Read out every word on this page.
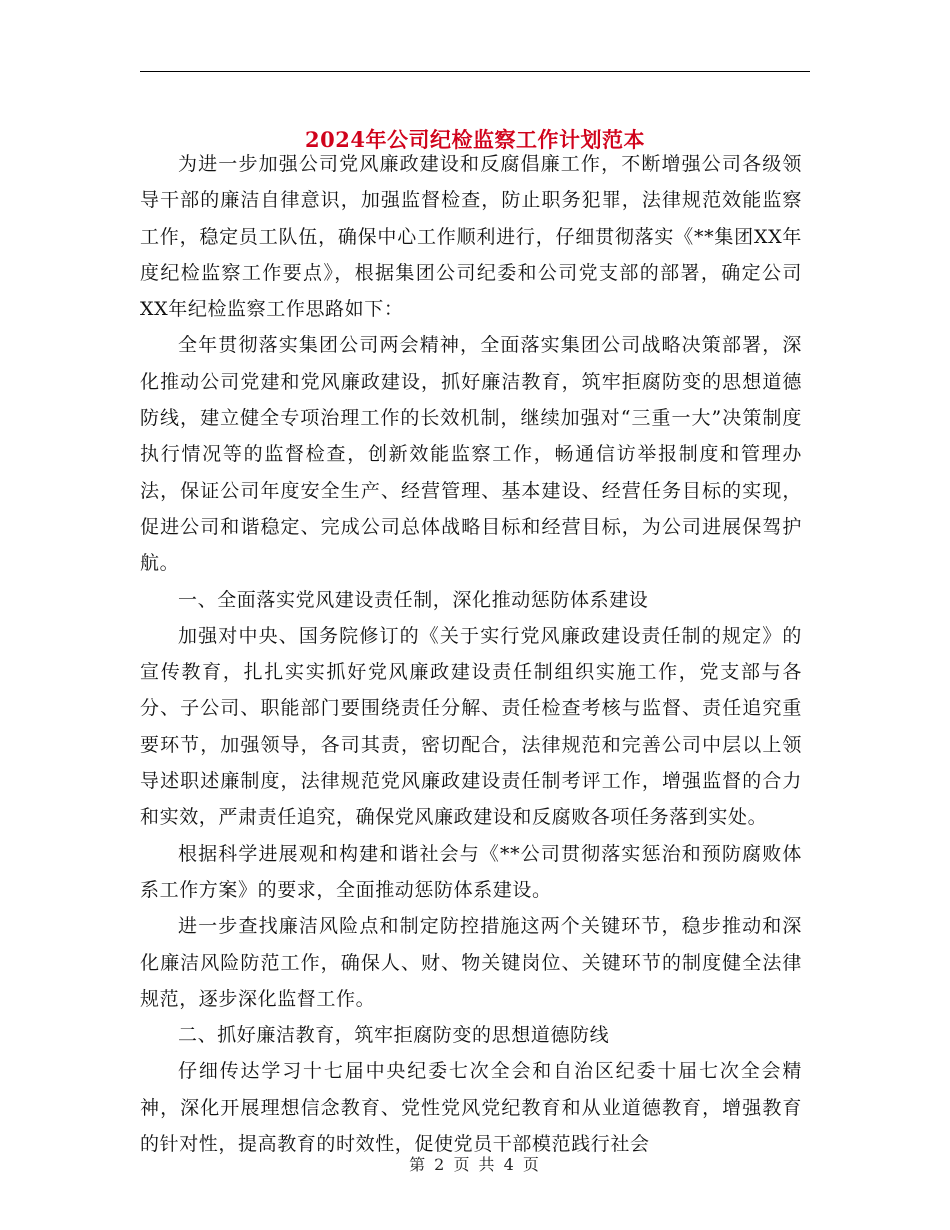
2024年公司纪检监察工作计划范本

为进一步加强公司党风廉政建设和反腐倡廉工作，不断增强公司各级领导干部的廉洁自律意识，加强监督检查，防止职务犯罪，法律规范效能监察工作，稳定员工队伍，确保中心工作顺利进行，仔细贯彻落实《**集团XX年度纪检监察工作要点》，根据集团公司纪委和公司党支部的部署，确定公司XX年纪检监察工作思路如下：

全年贯彻落实集团公司两会精神，全面落实集团公司战略决策部署，深化推动公司党建和党风廉政建设，抓好廉洁教育，筑牢拒腐防变的思想道德防线，建立健全专项治理工作的长效机制，继续加强对“三重一大”决策制度执行情况等的监督检查，创新效能监察工作，畅通信访举报制度和管理办法，保证公司年度安全生产、经营管理、基本建设、经营任务目标的实现，促进公司和谐稳定、完成公司总体战略目标和经营目标，为公司进展保驾护航。

一、全面落实党风建设责任制，深化推动惩防体系建设

加强对中央、国务院修订的《关于实行党风廉政建设责任制的规定》的宣传教育，扎扎实实抓好党风廉政建设责任制组织实施工作，党支部与各分、子公司、职能部门要围绕责任分解、责任检查考核与监督、责任追究重要环节，加强领导，各司其责，密切配合，法律规范和完善公司中层以上领导述职述廉制度，法律规范党风廉政建设责任制考评工作，增强监督的合力和实效，严肃责任追究，确保党风廉政建设和反腐败各项任务落到实处。

根据科学进展观和构建和谐社会与《**公司贯彻落实惩治和预防腐败体系工作方案》的要求，全面推动惩防体系建设。

进一步查找廉洁风险点和制定防控措施这两个关键环节，稳步推动和深化廉洁风险防范工作，确保人、财、物关键岗位、关键环节的制度健全法律规范，逐步深化监督工作。

二、抓好廉洁教育，筑牢拒腐防变的思想道德防线

仔细传达学习十七届中央纪委七次全会和自治区纪委十届七次全会精神，深化开展理想信念教育、党性党风党纪教育和从业道德教育，增强教育的针对性，提高教育的时效性，促使党员干部模范践行社会

第 2 页 共 4 页
